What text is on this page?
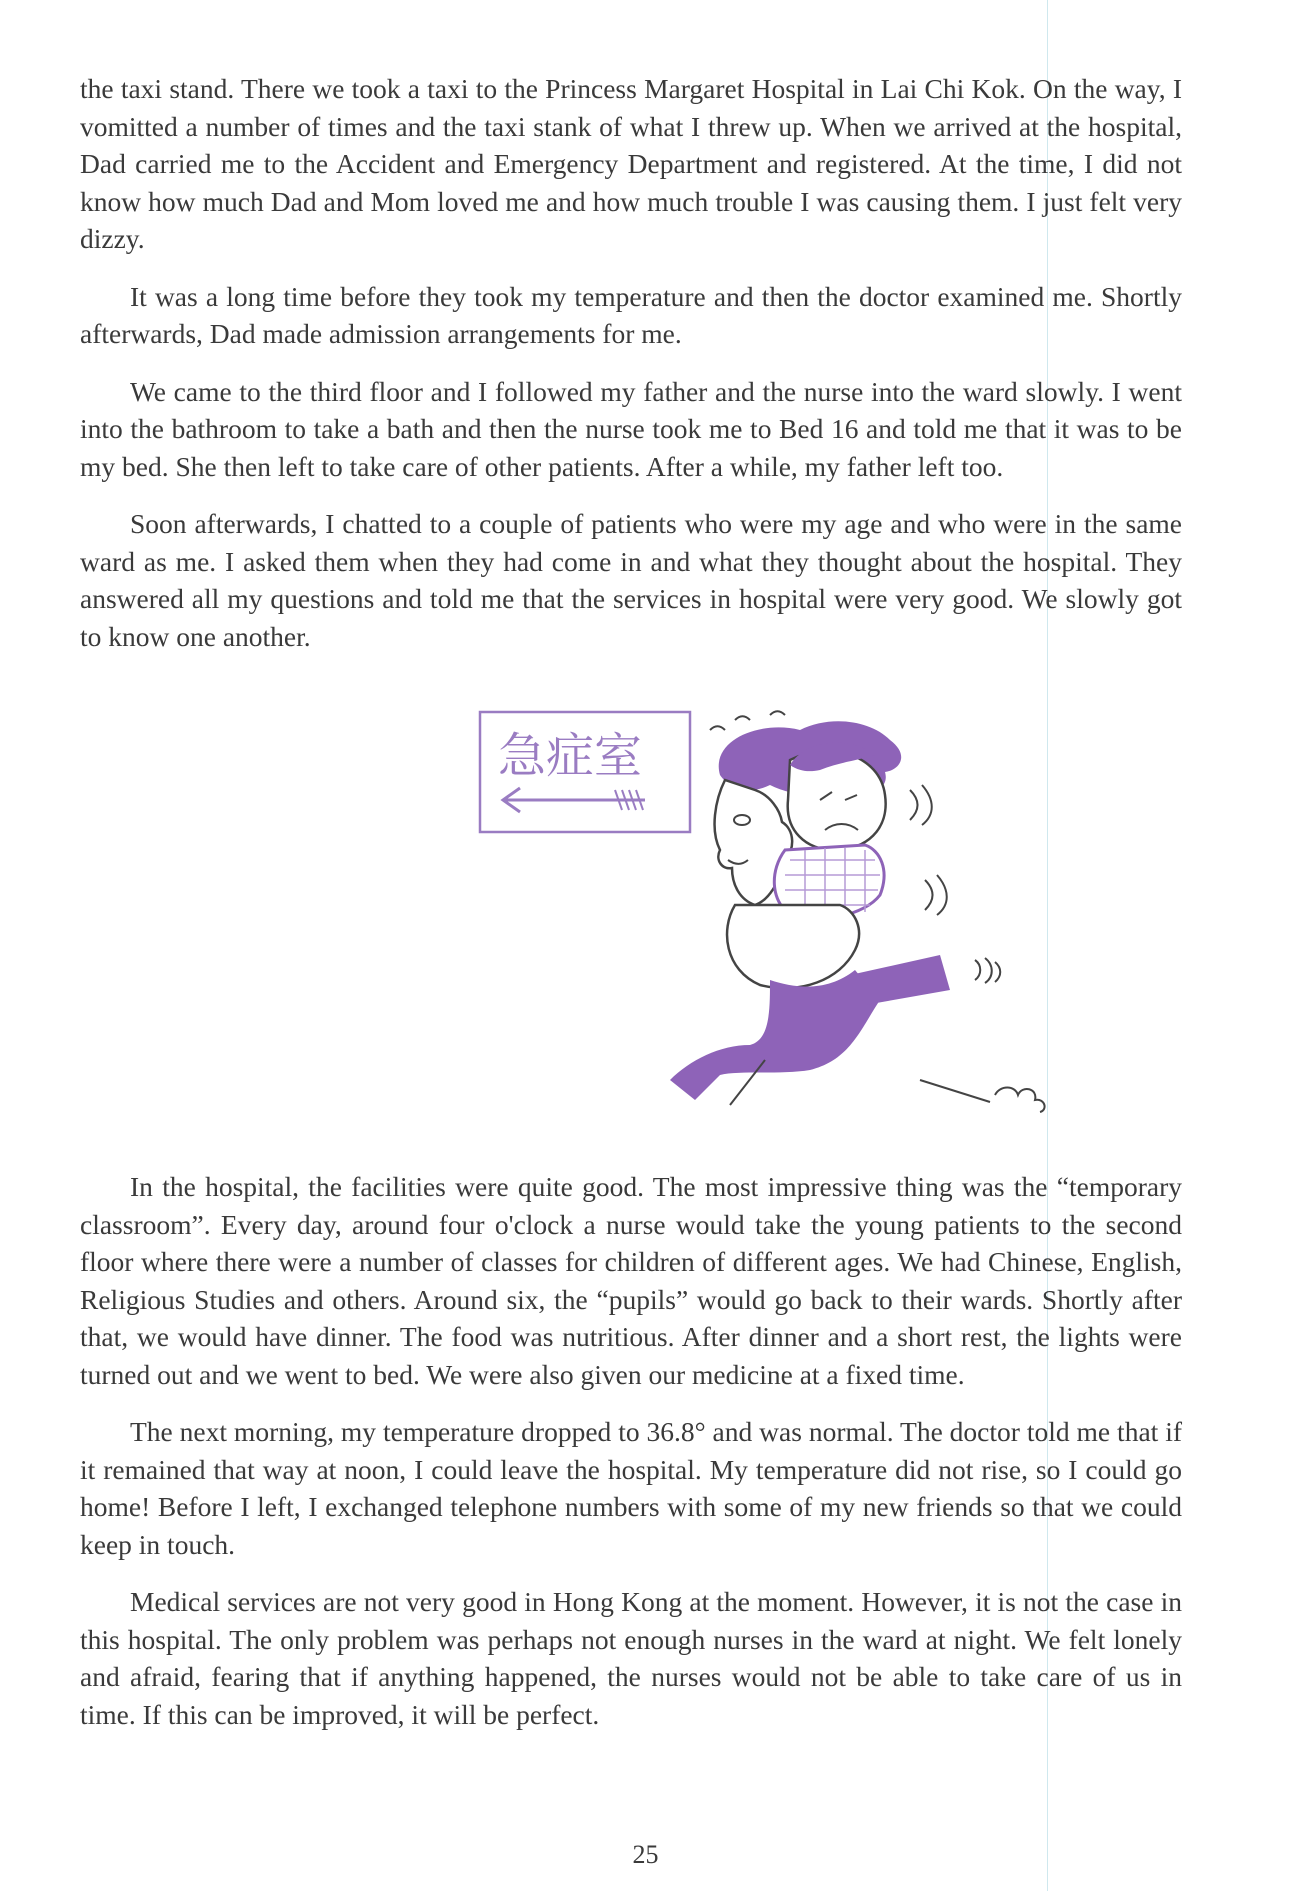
the taxi stand. There we took a taxi to the Princess Margaret Hospital in Lai Chi Kok. On the way, I vomitted a number of times and the taxi stank of what I threw up. When we arrived at the hospital, Dad carried me to the Accident and Emergency Department and registered. At the time, I did not know how much Dad and Mom loved me and how much trouble I was causing them. I just felt very dizzy.

It was a long time before they took my temperature and then the doctor examined me. Shortly afterwards, Dad made admission arrangements for me.

We came to the third floor and I followed my father and the nurse into the ward slowly. I went into the bathroom to take a bath and then the nurse took me to Bed 16 and told me that it was to be my bed. She then left to take care of other patients. After a while, my father left too.

Soon afterwards, I chatted to a couple of patients who were my age and who were in the same ward as me. I asked them when they had come in and what they thought about the hospital. They answered all my questions and told me that the services in hospital were very good. We slowly got to know one another.

急症室

In the hospital, the facilities were quite good. The most impressive thing was the “temporary classroom”. Every day, around four o'clock a nurse would take the young patients to the second floor where there were a number of classes for children of different ages. We had Chinese, English, Religious Studies and others. Around six, the “pupils” would go back to their wards. Shortly after that, we would have dinner. The food was nutritious. After dinner and a short rest, the lights were turned out and we went to bed. We were also given our medicine at a fixed time.

The next morning, my temperature dropped to 36.8° and was normal. The doctor told me that if it remained that way at noon, I could leave the hospital. My temperature did not rise, so I could go home! Before I left, I exchanged telephone numbers with some of my new friends so that we could keep in touch.

Medical services are not very good in Hong Kong at the moment. However, it is not the case in this hospital. The only problem was perhaps not enough nurses in the ward at night. We felt lonely and afraid, fearing that if anything happened, the nurses would not be able to take care of us in time. If this can be improved, it will be perfect.

25
